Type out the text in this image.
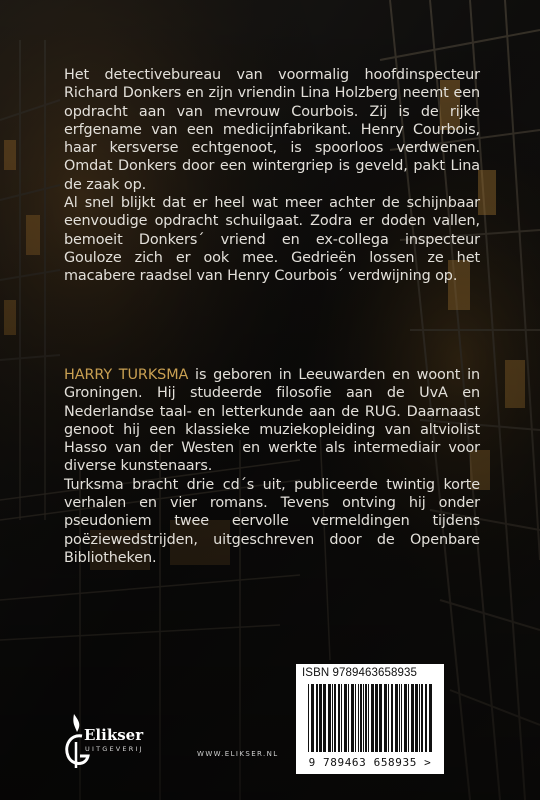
Het detectivebureau van voormalig hoofdinspecteur Richard Donkers en zijn vriendin Lina Holzberg neemt een opdracht aan van mevrouw Courbois. Zij is de rijke erfgename van een medicijnfabrikant. Henry Courbois, haar kersverse echtgenoot, is spoorloos verdwenen. Omdat Donkers door een wintergriep is geveld, pakt Lina de zaak op.

Al snel blijkt dat er heel wat meer achter de schijnbaar eenvoudige opdracht schuilgaat. Zodra er doden vallen, bemoeit Donkers´ vriend en ex-collega inspecteur Gouloze zich er ook mee. Gedrieën lossen ze het macabere raadsel van Henry Courbois´ verdwijning op.

HARRY TURKSMA is geboren in Leeuwarden en woont in Groningen. Hij studeerde filosofie aan de UvA en Nederlandse taal- en letterkunde aan de RUG. Daarnaast genoot hij een klassieke muziekopleiding van altviolist Hasso van der Westen en werkte als intermediair voor diverse kunstenaars.

Turksma bracht drie cd´s uit, publiceerde twintig korte verhalen en vier romans. Tevens ontving hij onder pseudoniem twee eervolle vermeldingen tijdens poëziewedstrijden, uitgeschreven door de Openbare Bibliotheken.

Elikser
UITGEVERIJ
WWW.ELIKSER.NL
ISBN 9789463658935
9 789463 658935 >
